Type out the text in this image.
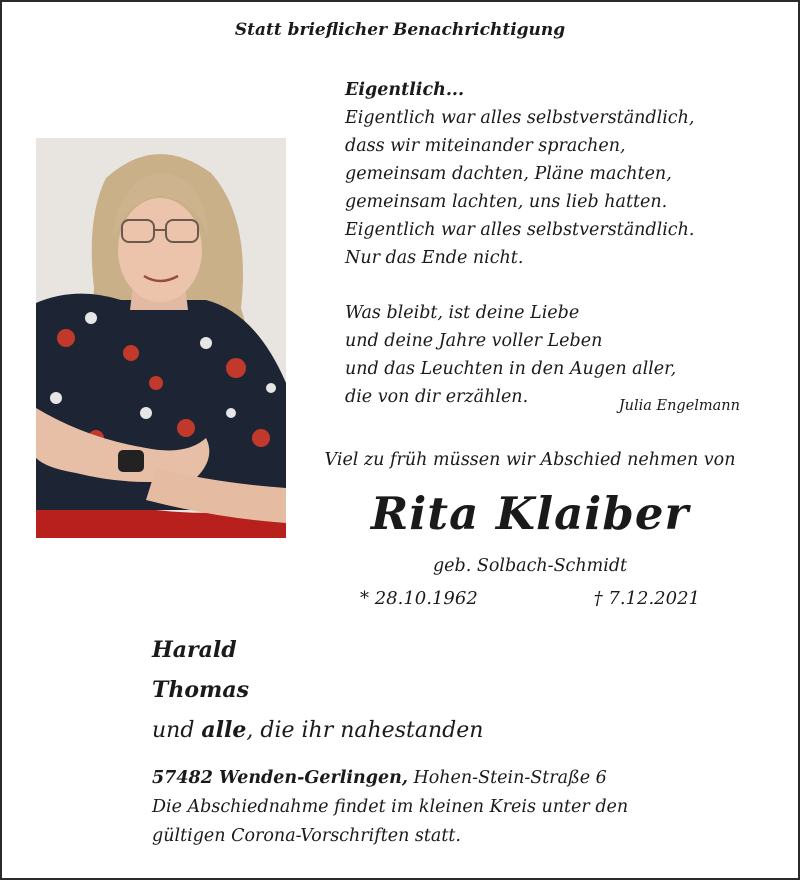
Statt brieflicher Benachrichtigung
Eigentlich...
Eigentlich war alles selbstverständlich,
dass wir miteinander sprachen,
gemeinsam dachten, Pläne machten,
gemeinsam lachten, uns lieb hatten.
Eigentlich war alles selbstverständlich.
Nur das Ende nicht.
Was bleibt, ist deine Liebe
und deine Jahre voller Leben
und das Leuchten in den Augen aller,
die von dir erzählen.	Julia Engelmann
Viel zu früh müssen wir Abschied nehmen von
Rita Klaiber
geb. Solbach-Schmidt
* 28.10.1962	† 7.12.2021
Harald
Thomas
und alle, die ihr nahestanden
57482 Wenden-Gerlingen, Hohen-Stein-Straße 6
Die Abschiednahme findet im kleinen Kreis unter den
gültigen Corona-Vorschriften statt.
